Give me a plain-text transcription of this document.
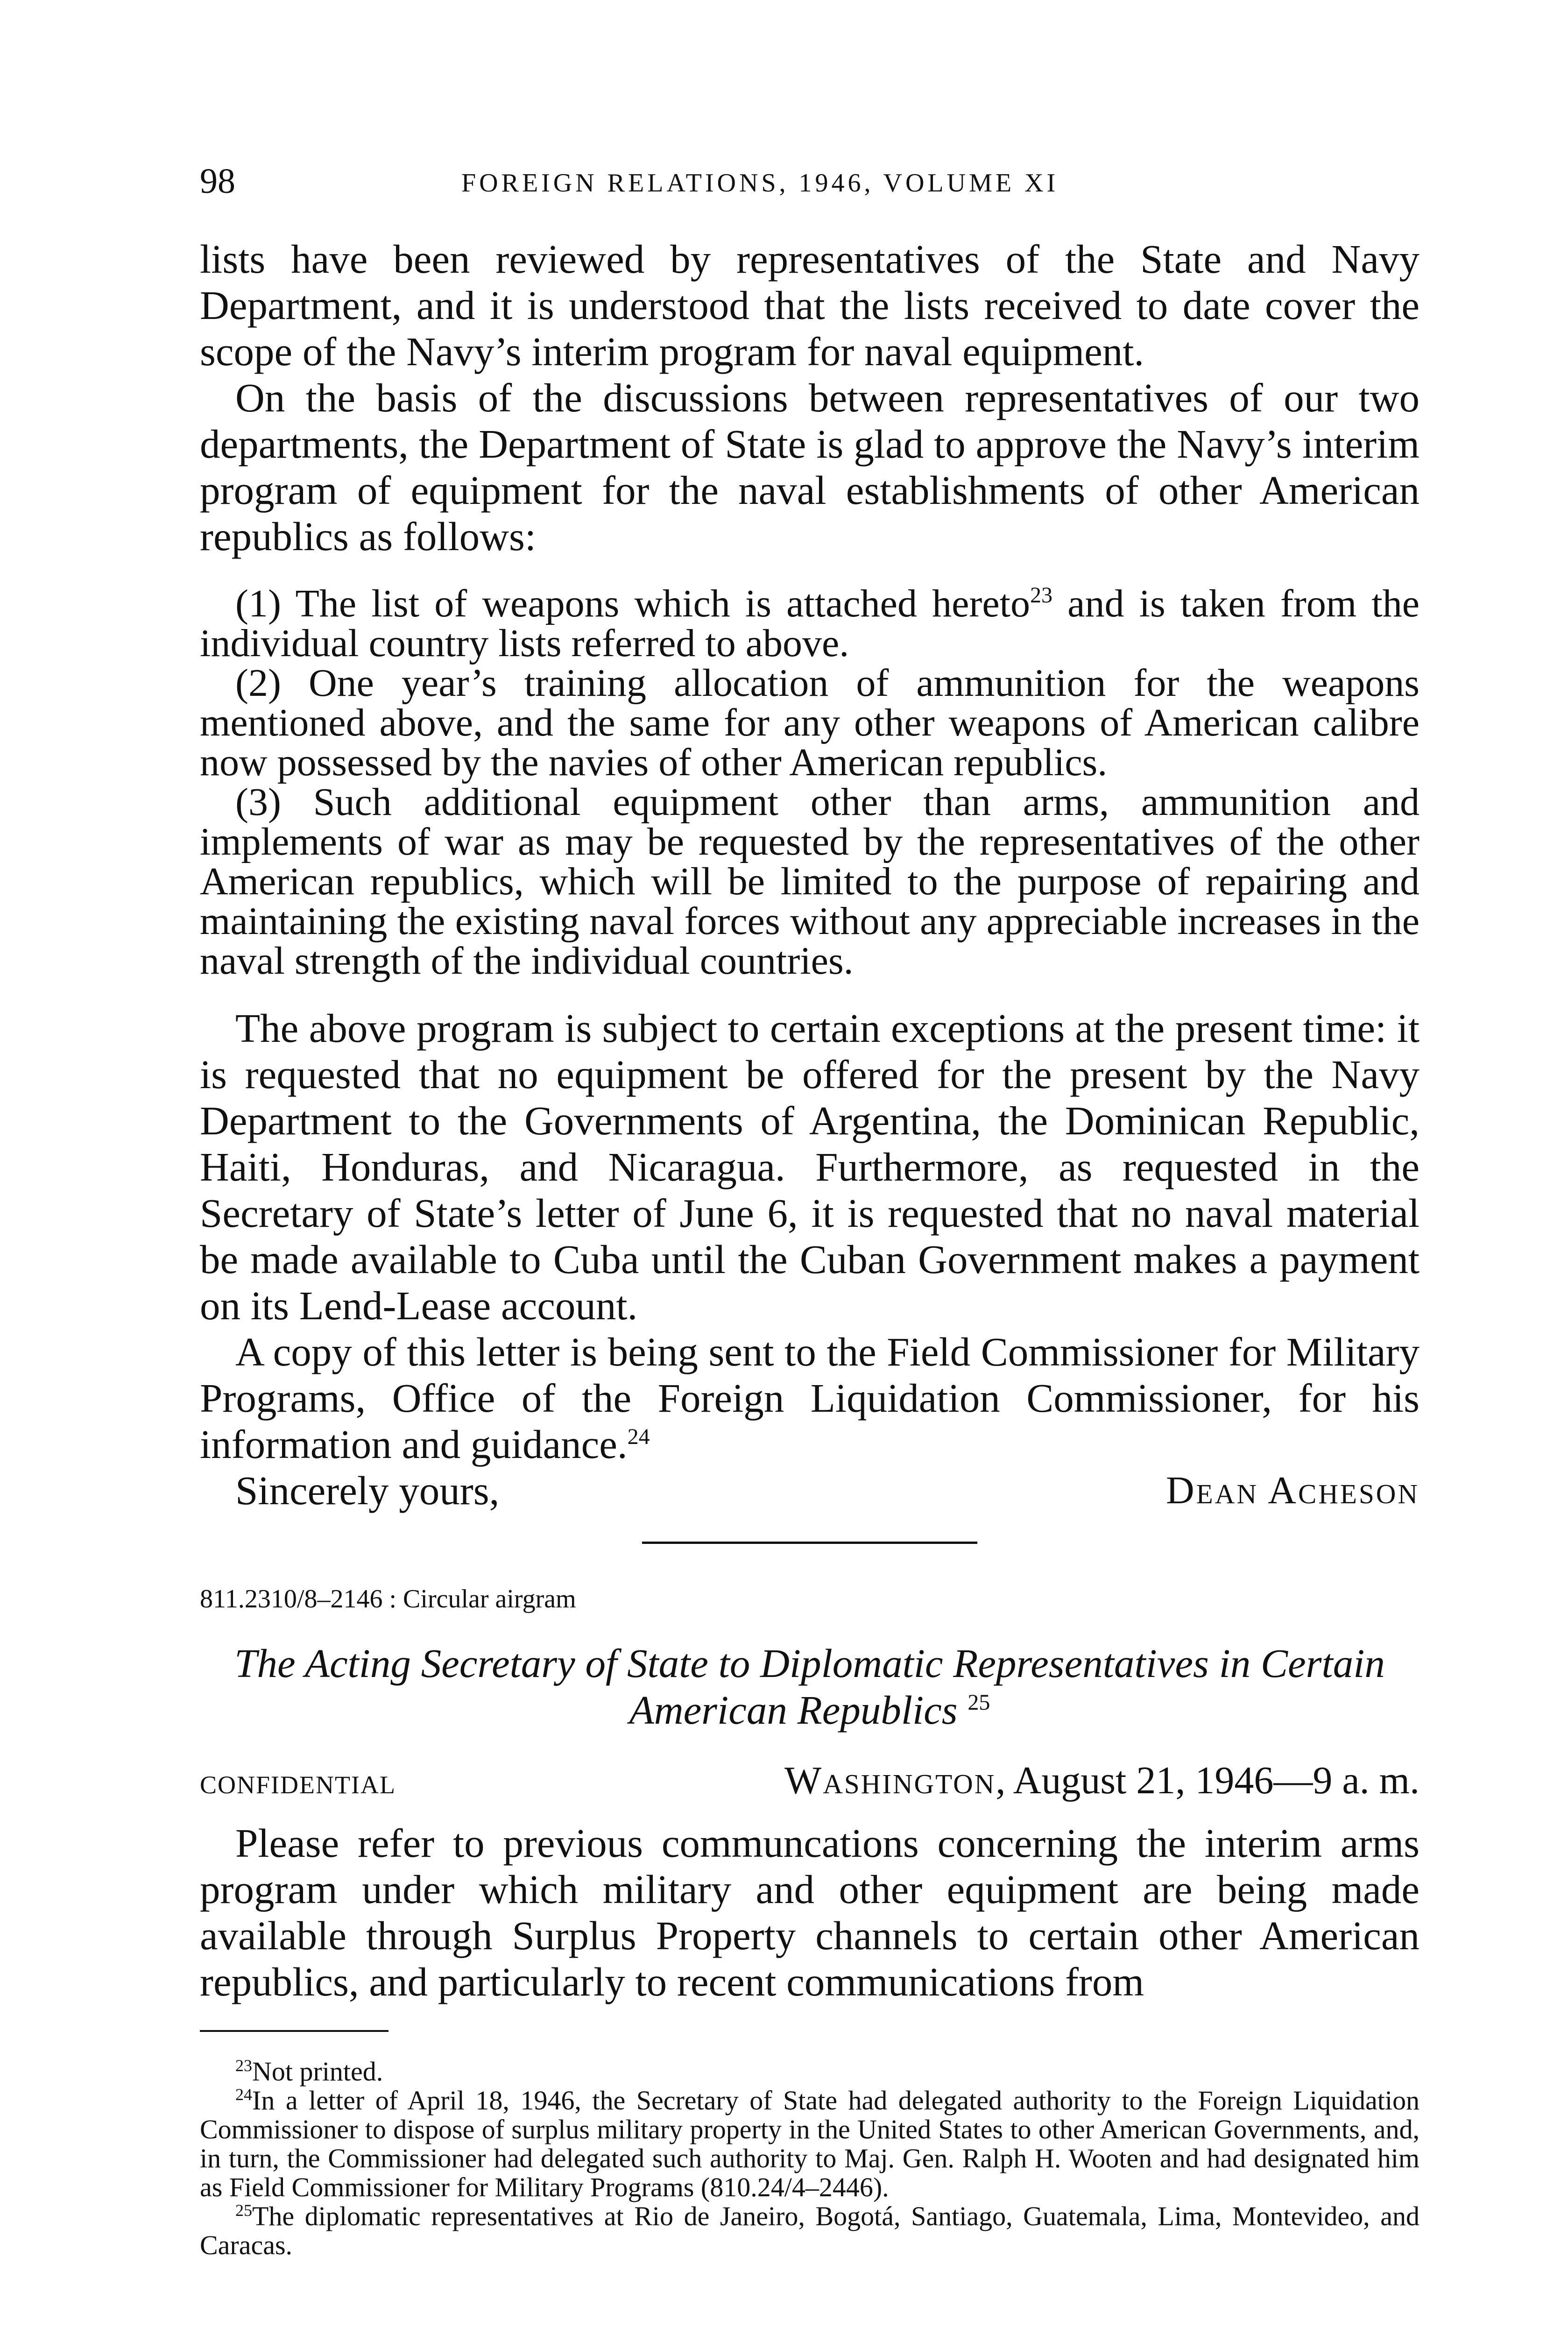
98	FOREIGN RELATIONS, 1946, VOLUME XI

lists have been reviewed by representatives of the State and Navy Department, and it is understood that the lists received to date cover the scope of the Navy’s interim program for naval equipment.

On the basis of the discussions between representatives of our two departments, the Department of State is glad to approve the Navy’s interim program of equipment for the naval establishments of other American republics as follows:

(1) The list of weapons which is attached hereto$^{23}$ and is taken from the individual country lists referred to above.

(2) One year’s training allocation of ammunition for the weapons mentioned above, and the same for any other weapons of American calibre now possessed by the navies of other American republics.

(3) Such additional equipment other than arms, ammunition and implements of war as may be requested by the representatives of the other American republics, which will be limited to the purpose of repairing and maintaining the existing naval forces without any appreciable increases in the naval strength of the individual countries.

The above program is subject to certain exceptions at the present time: it is requested that no equipment be offered for the present by the Navy Department to the Governments of Argentina, the Dominican Republic, Haiti, Honduras, and Nicaragua. Furthermore, as requested in the Secretary of State’s letter of June 6, it is requested that no naval material be made available to Cuba until the Cuban Government makes a payment on its Lend-Lease account.

A copy of this letter is being sent to the Field Commissioner for Military Programs, Office of the Foreign Liquidation Commissioner, for his information and guidance.$^{24}$

Sincerely yours,	Dean Acheson

811.2310/8–2146 : Circular airgram

The Acting Secretary of State to Diplomatic Representatives in Certain American Republics $^{25}$

CONFIDENTIAL	Washington, August 21, 1946—9 a. m.

Please refer to previous communcations concerning the interim arms program under which military and other equipment are being made available through Surplus Property channels to certain other American republics, and particularly to recent communications from

$^{23}$Not printed.

$^{24}$In a letter of April 18, 1946, the Secretary of State had delegated authority to the Foreign Liquidation Commissioner to dispose of surplus military property in the United States to other American Governments, and, in turn, the Commissioner had delegated such authority to Maj. Gen. Ralph H. Wooten and had designated him as Field Commissioner for Military Programs (810.24/4–2446).

$^{25}$The diplomatic representatives at Rio de Janeiro, Bogotá, Santiago, Guatemala, Lima, Montevideo, and Caracas.
